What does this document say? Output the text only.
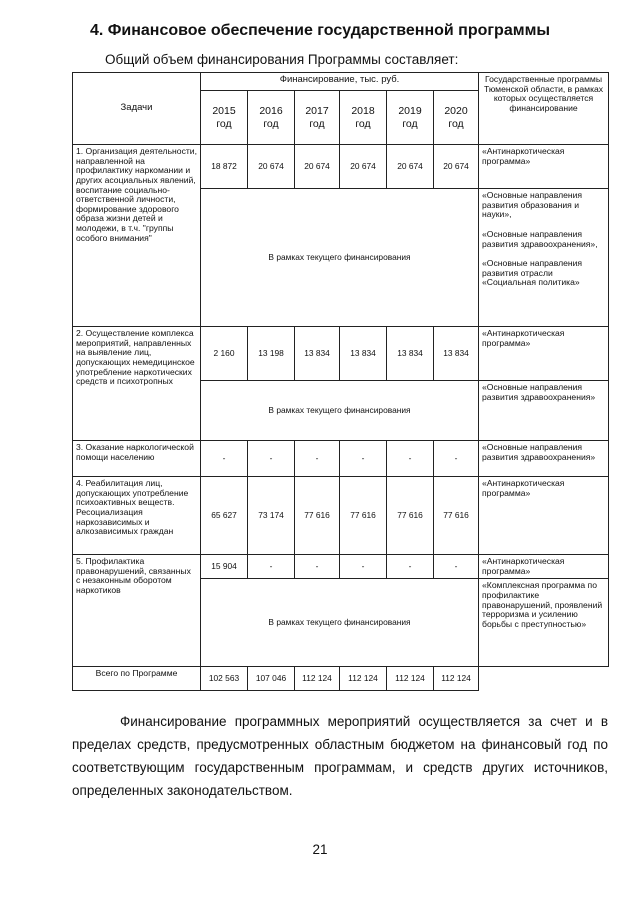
4. Финансовое обеспечение государственной программы
Общий объем финансирования Программы составляет:
Задачи	Финансирование, тыс. руб.						Государственные программы Тюменской области, в рамках которых осуществляется финансирование
	2015 год	2016 год	2017 год	2018 год	2019 год	2020 год	
1. Организация деятельности, направленной на профилактику наркомании и других асоциальных явлений, воспитание социально-ответственной личности, формирование здорового образа жизни детей и молодежи, в т.ч. "группы особого внимания"	18 872	20 674	20 674	20 674	20 674	20 674	«Антинаркотическая программа»
	В рамках текущего финансирования						«Основные направления развития образования и науки»,

«Основные направления развития здравоохранения»,

«Основные направления развития отрасли «Социальная политика»

2. Осуществление комплекса мероприятий, направленных на выявление лиц, допускающих немедицинское употребление наркотических средств и психотропных	2 160	13 198	13 834	13 834	13 834	13 834	«Антинаркотическая программа»
	В рамках текущего финансирования						«Основные направления развития здравоохранения»
3. Оказание наркологической помощи населению	-	-	-	-	-	-	«Основные направления развития здравоохранения»
4. Реабилитация лиц, допускающих употребление психоактивных веществ. Ресоциализация наркозависимых и алкозависимых граждан	65 627	73 174	77 616	77 616	77 616	77 616	«Антинаркотическая программа»
5. Профилактика правонарушений, связанных с незаконным оборотом наркотиков	15 904	-	-	-	-	-	«Антинаркотическая программа»
	В рамках текущего финансирования						«Комплексная программа по профилактике правонарушений, проявлений терроризма и усилению борьбы с преступностью»
Всего по Программе	102 563	107 046	112 124	112 124	112 124	112 124	
Финансирование программных мероприятий осуществляется за счет и в пределах средств, предусмотренных областным бюджетом на финансовый год по соответствующим государственным программам, и средств других источников, определенных законодательством.
21
